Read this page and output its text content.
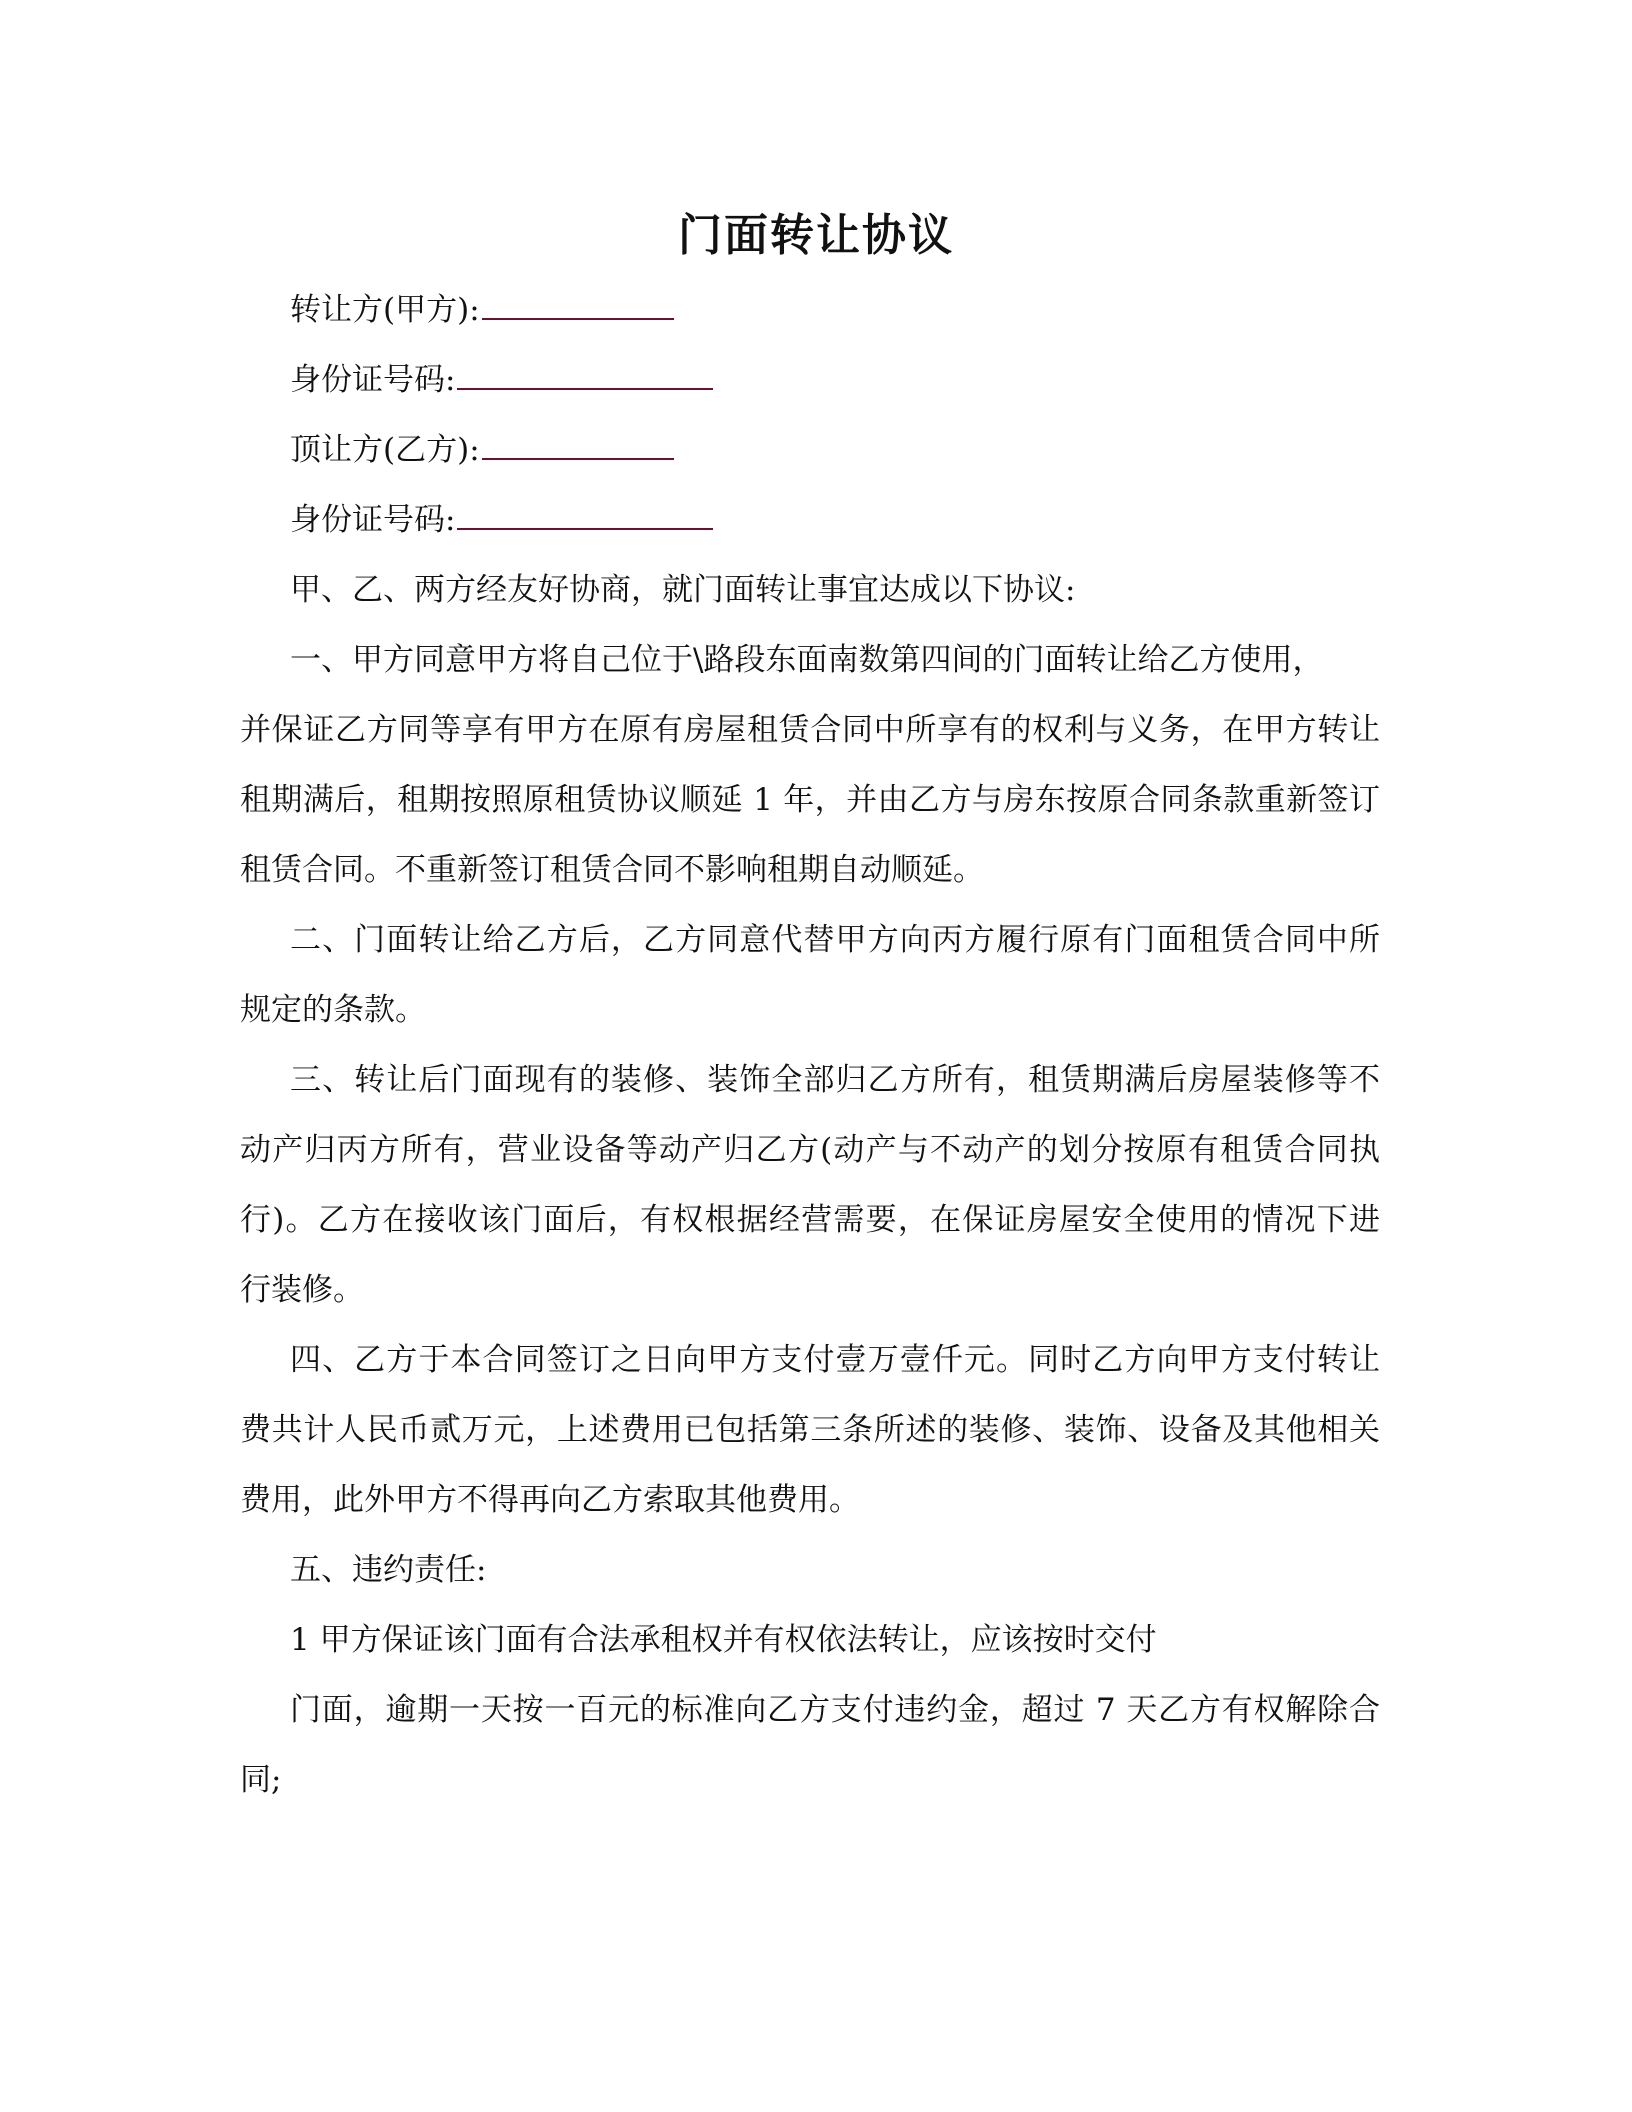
门面转让协议
转让方(甲方):
身份证号码:
顶让方(乙方):
身份证号码:
甲、乙、两方经友好协商，就门面转让事宜达成以下协议:
一、甲方同意甲方将自己位于\路段东面南数第四间的门面转让给乙方使用，
并保证乙方同等享有甲方在原有房屋租赁合同中所享有的权利与义务，在甲方转让
租期满后，租期按照原租赁协议顺延 1 年，并由乙方与房东按原合同条款重新签订
租赁合同。不重新签订租赁合同不影响租期自动顺延。
二、门面转让给乙方后，乙方同意代替甲方向丙方履行原有门面租赁合同中所
规定的条款。
三、转让后门面现有的装修、装饰全部归乙方所有，租赁期满后房屋装修等不
动产归丙方所有，营业设备等动产归乙方(动产与不动产的划分按原有租赁合同执
行)。乙方在接收该门面后，有权根据经营需要，在保证房屋安全使用的情况下进
行装修。
四、乙方于本合同签订之日向甲方支付壹万壹仟元。同时乙方向甲方支付转让
费共计人民币贰万元，上述费用已包括第三条所述的装修、装饰、设备及其他相关
费用，此外甲方不得再向乙方索取其他费用。
五、违约责任:
1 甲方保证该门面有合法承租权并有权依法转让，应该按时交付
门面，逾期一天按一百元的标准向乙方支付违约金，超过 7 天乙方有权解除合
同;
